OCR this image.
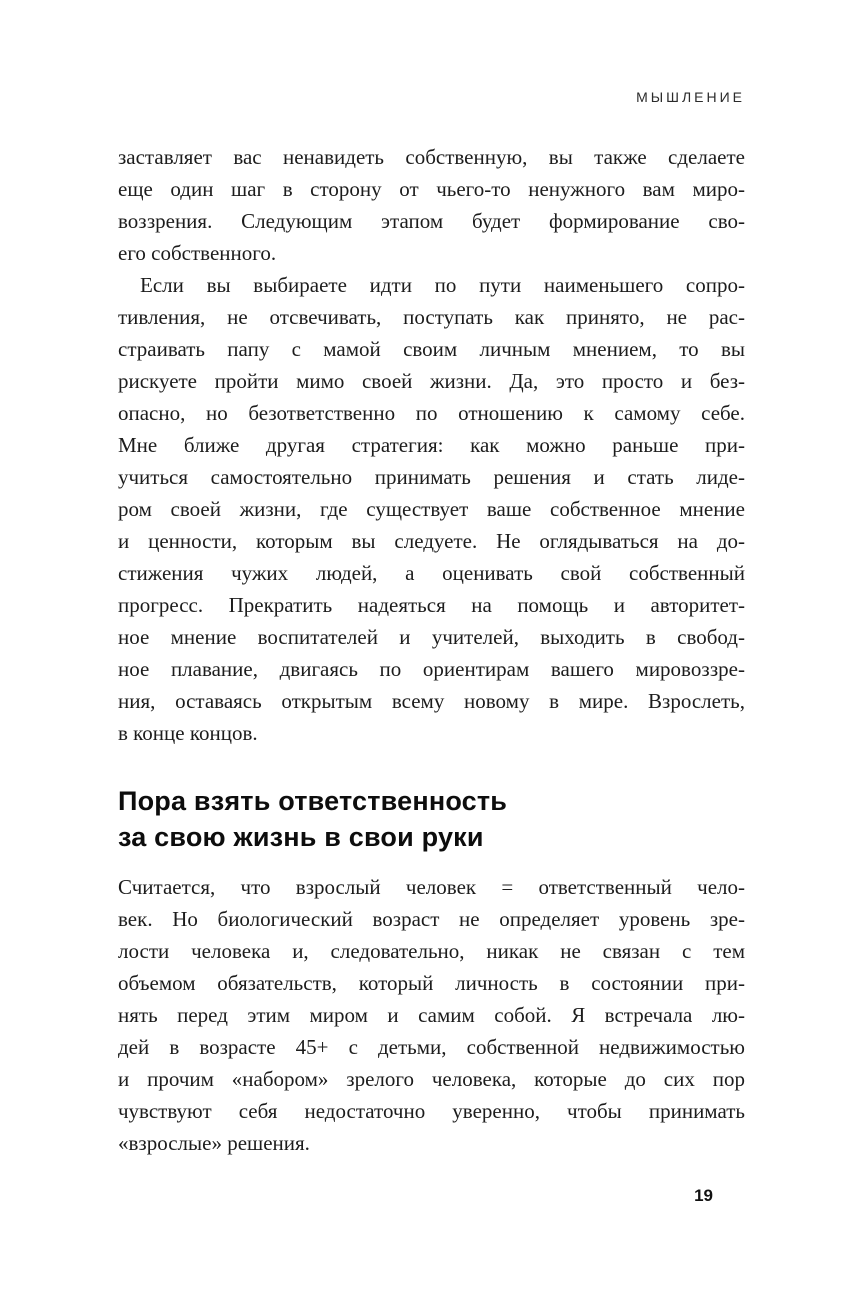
МЫШЛЕНИЕ
заставляет вас ненавидеть собственную, вы также сделаете
еще один шаг в сторону от чьего-то ненужного вам миро-
воззрения. Следующим этапом будет формирование сво-
его собственного.
Если вы выбираете идти по пути наименьшего сопро-
тивления, не отсвечивать, поступать как принято, не рас-
страивать папу с мамой своим личным мнением, то вы
рискуете пройти мимо своей жизни. Да, это просто и без-
опасно, но безответственно по отношению к самому себе.
Мне ближе другая стратегия: как можно раньше при-
учиться самостоятельно принимать решения и стать лиде-
ром своей жизни, где существует ваше собственное мнение
и ценности, которым вы следуете. Не оглядываться на до-
стижения чужих людей, а оценивать свой собственный
прогресс. Прекратить надеяться на помощь и авторитет-
ное мнение воспитателей и учителей, выходить в свобод-
ное плавание, двигаясь по ориентирам вашего мировоззре-
ния, оставаясь открытым всему новому в мире. Взрослеть,
в конце концов.
Пора взять ответственность
за свою жизнь в свои руки
Считается, что взрослый человек = ответственный чело-
век. Но биологический возраст не определяет уровень зре-
лости человека и, следовательно, никак не связан с тем
объемом обязательств, который личность в состоянии при-
нять перед этим миром и самим собой. Я встречала лю-
дей в возрасте 45+ с детьми, собственной недвижимостью
и прочим «набором» зрелого человека, которые до сих пор
чувствуют себя недостаточно уверенно, чтобы принимать
«взрослые» решения.
19
